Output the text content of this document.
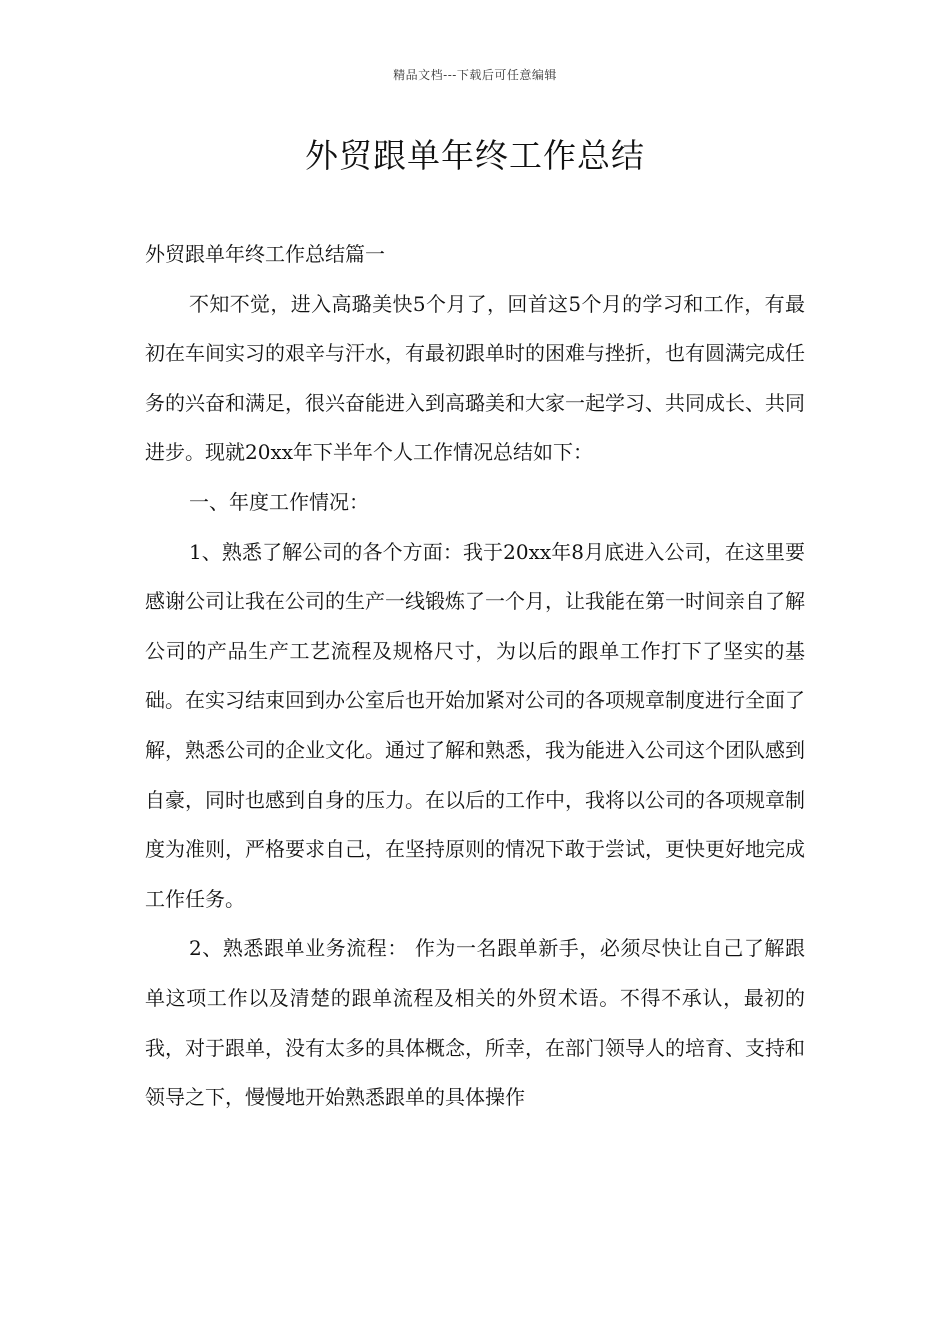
精品文档---下载后可任意编辑
外贸跟单年终工作总结

外贸跟单年终工作总结篇一

不知不觉，进入高璐美快5个月了，回首这5个月的学习和工作，有最初在车间实习的艰辛与汗水，有最初跟单时的困难与挫折，也有圆满完成任务的兴奋和满足，很兴奋能进入到高璐美和大家一起学习、共同成长、共同进步。现就20xx年下半年个人工作情况总结如下：

一、年度工作情况：

1、熟悉了解公司的各个方面：我于20xx年8月底进入公司，在这里要感谢公司让我在公司的生产一线锻炼了一个月，让我能在第一时间亲自了解公司的产品生产工艺流程及规格尺寸，为以后的跟单工作打下了坚实的基础。在实习结束回到办公室后也开始加紧对公司的各项规章制度进行全面了解，熟悉公司的企业文化。通过了解和熟悉，我为能进入公司这个团队感到自豪，同时也感到自身的压力。在以后的工作中，我将以公司的各项规章制度为准则，严格要求自己，在坚持原则的情况下敢于尝试，更快更好地完成工作任务。

2、熟悉跟单业务流程： 作为一名跟单新手，必须尽快让自己了解跟单这项工作以及清楚的跟单流程及相关的外贸术语。不得不承认，最初的我，对于跟单，没有太多的具体概念，所幸，在部门领导人的培育、支持和领导之下，慢慢地开始熟悉跟单的具体操作
